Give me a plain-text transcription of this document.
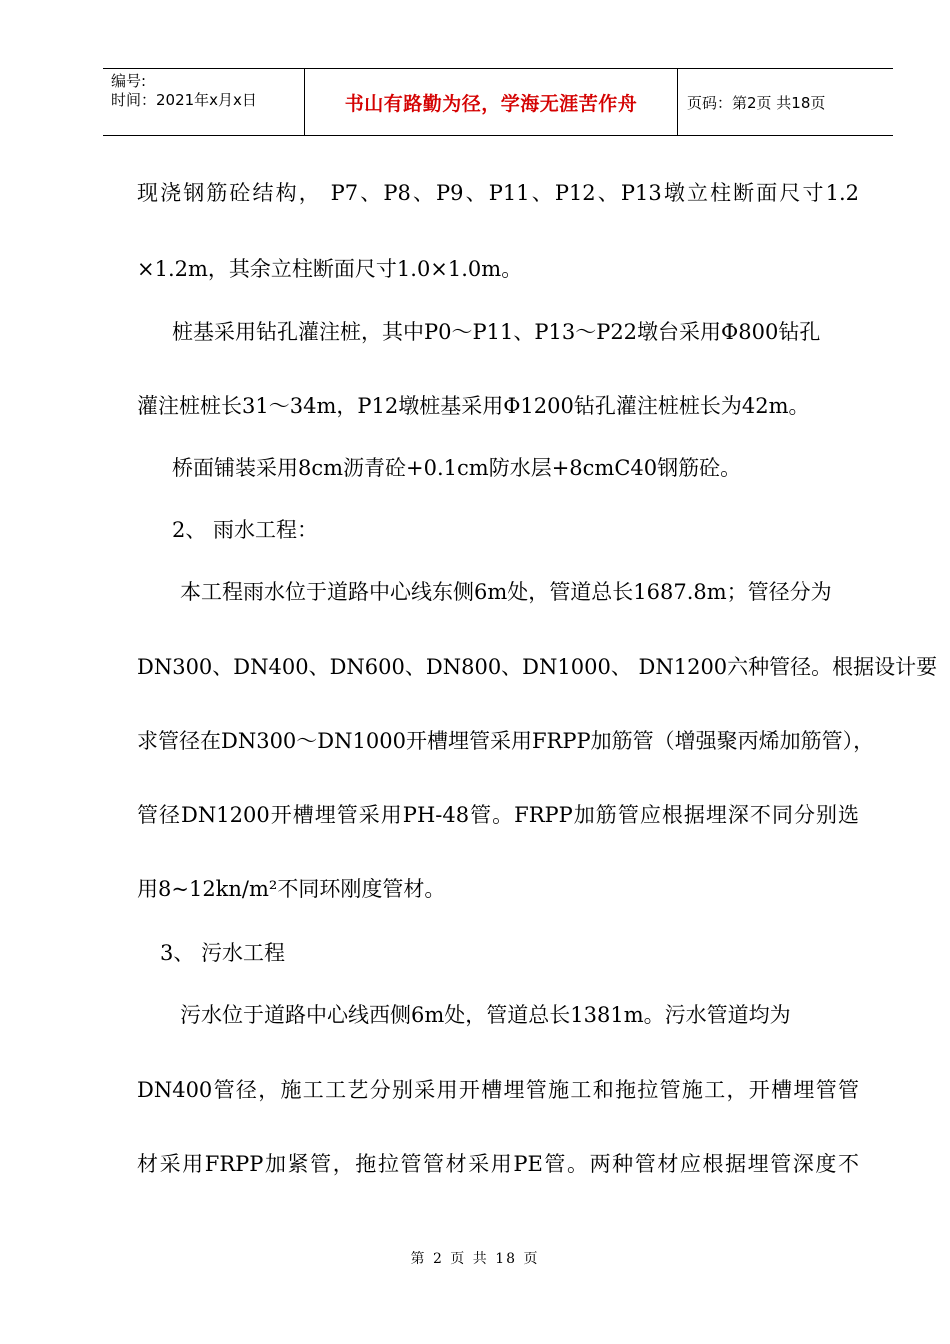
编号:
时间：2021年x月x日	书山有路勤为径，学海无涯苦作舟	页码：第2页 共18页
现浇钢筋砼结构， P7、P8、P9、P11、P12、P13墩立柱断面尺寸1.2
×1.2m，其余立柱断面尺寸1.0×1.0m。
桩基采用钻孔灌注桩，其中P0～P11、P13～P22墩台采用Φ800钻孔
灌注桩桩长31～34m，P12墩桩基采用Φ1200钻孔灌注桩桩长为42m。
桥面铺装采用8cm沥青砼+0.1cm防水层+8cmC40钢筋砼。
2、 雨水工程：
本工程雨水位于道路中心线东侧6m处，管道总长1687.8m；管径分为
DN300、DN400、DN600、DN800、DN1000、 DN1200六种管径。根据设计要
求管径在DN300～DN1000开槽埋管采用FRPP加筋管（增强聚丙烯加筋管），
管径DN1200开槽埋管采用PH-48管。FRPP加筋管应根据埋深不同分别选
用8~12kn/m²不同环刚度管材。
3、 污水工程
污水位于道路中心线西侧6m处，管道总长1381m。污水管道均为
DN400管径，施工工艺分别采用开槽埋管施工和拖拉管施工，开槽埋管管
材采用FRPP加紧管，拖拉管管材采用PE管。两种管材应根据埋管深度不
第 2 页 共 18 页
